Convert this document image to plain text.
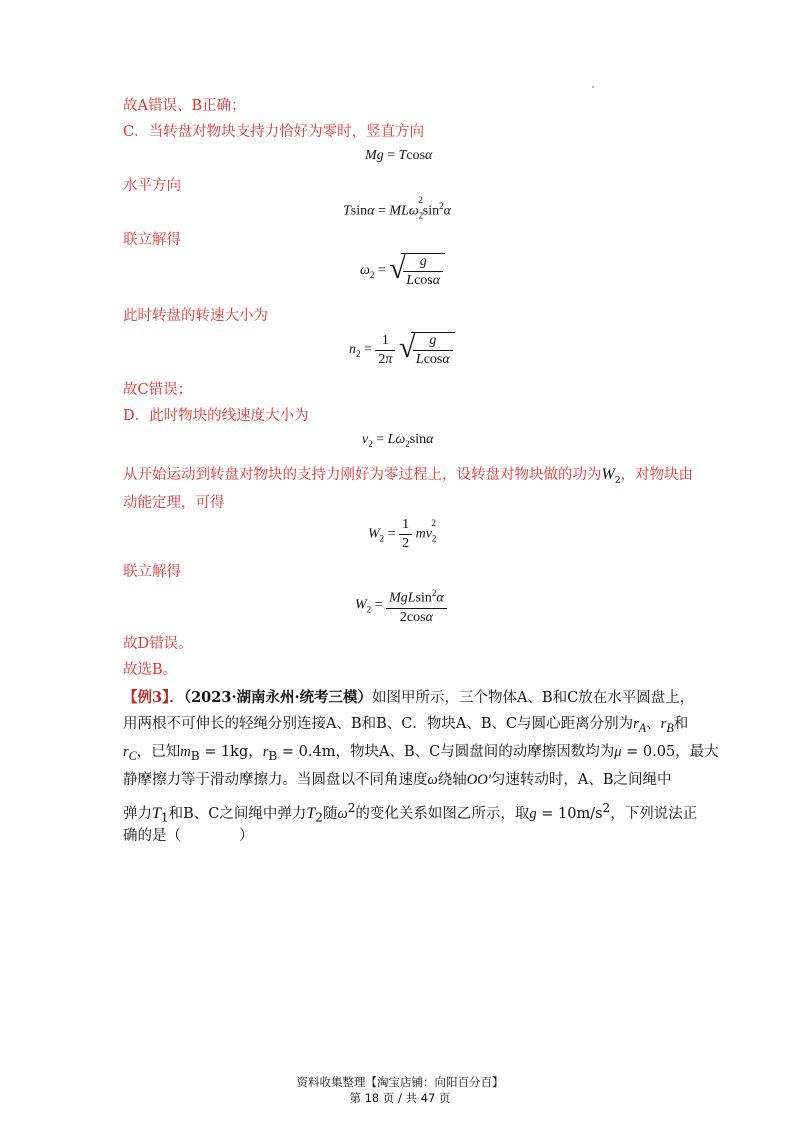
故A错误、B正确；
C．当转盘对物块支持力恰好为零时，竖直方向
Mg = Tcosα
水平方向
$Tsin\alpha = ML\omega_2^2\sin^2\alpha$
联立解得
$\omega_2$ = √
$\frac{g}{Lcos\alpha}$
此时转盘的转速大小为
$n_2 = \frac{1}{2\pi}$
√
$\frac{g}{Lcos\alpha}$
故C错误；
D．此时物块的线速度大小为
$v_2 = L\omega_2\sin\alpha$
从开始运动到转盘对物块的支持力刚好为零过程上，设转盘对物块做的功为$W_2$，对物块由
动能定理，可得
$W_2 = \frac{1}{2} mv_2^2$
联立解得
$W_2 = \frac{MgLsin^2\alpha}{2\cos\alpha}$
故D错误。
故选B。
【例3】．（2023·湖南永州·统考三模）如图甲所示，三个物体A、B和C放在水平圆盘上，
用两根不可伸长的轻绳分别连接A、B和B、C．物块A、B、C与圆心距离分别为$r_A$、$r_B$和
$r_C$，已知$m_B = 1kg$，$r_B = 0.4m$，物块A、B、C与圆盘间的动摩擦因数均为μ = 0.05，最大
静摩擦力等于滑动摩擦力。当圆盘以不同角速度ω绕轴OO′匀速转动时，A、B之间绳中
弹力$T_1$和B、C之间绳中弹力$T_2$随$\omega^2$的变化关系如图乙所示，取$g = 10m/s^2$，下列说法正
确的是（　　　　）
资料收集整理【淘宝店铺：向阳百分百】
第 18 页 / 共 47 页
